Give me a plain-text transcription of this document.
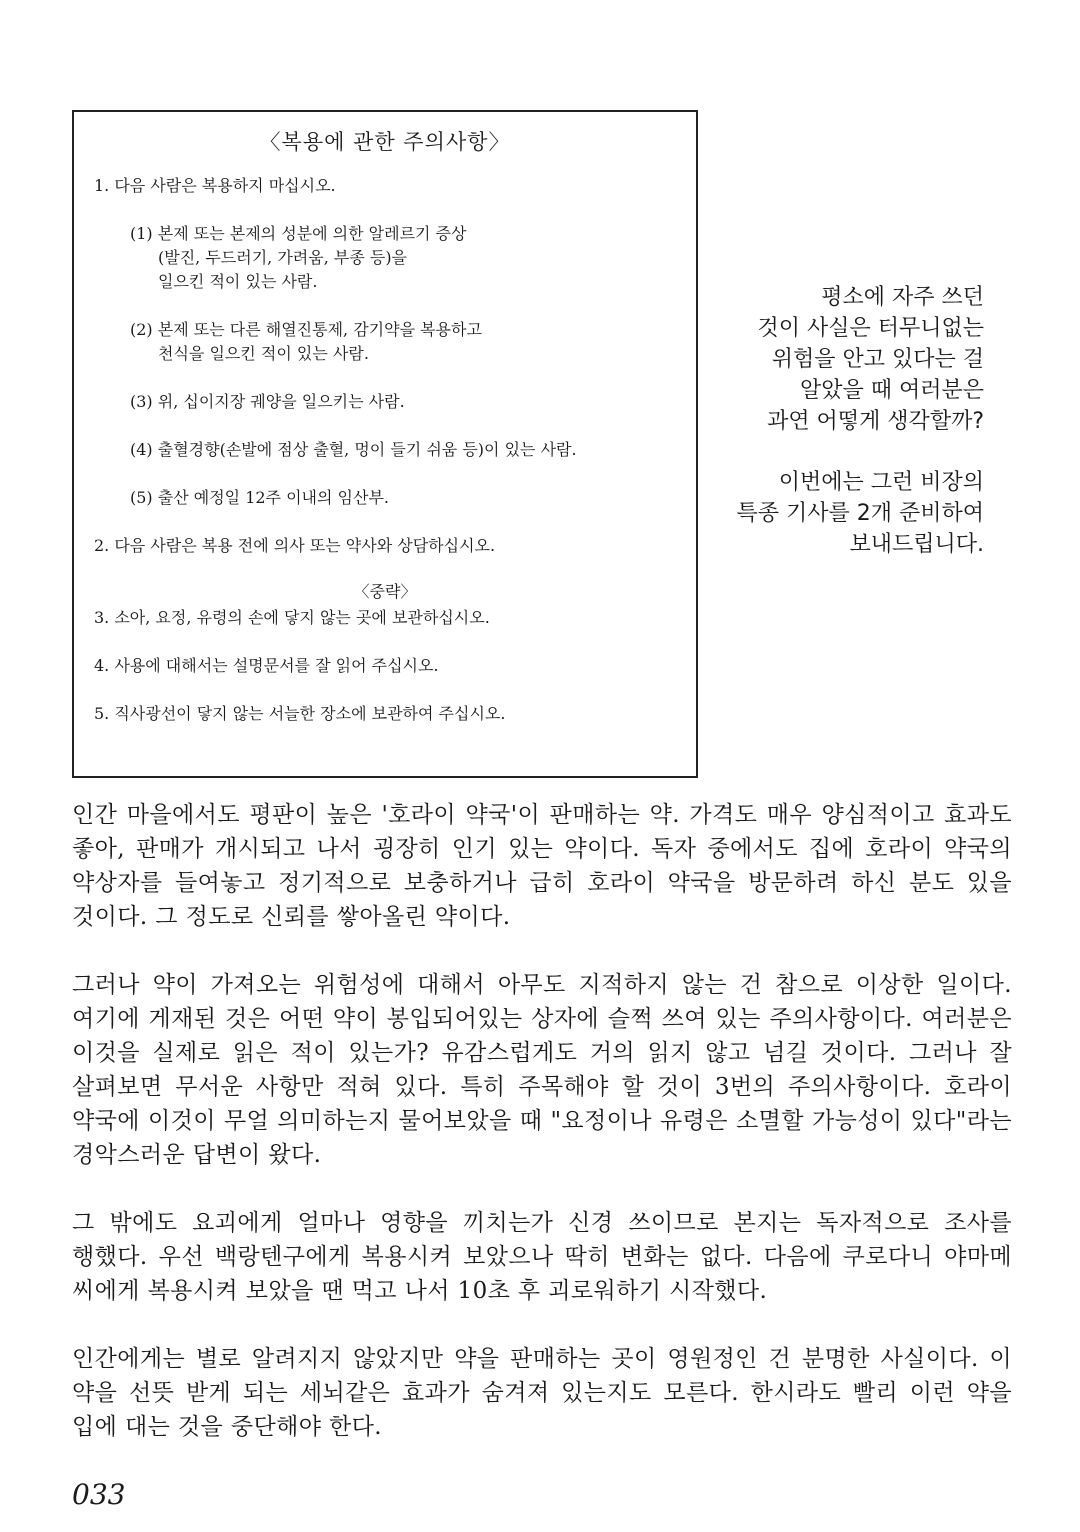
〈복용에 관한 주의사항〉
1. 다음 사람은 복용하지 마십시오.
(1) 본제 또는 본제의 성분에 의한 알레르기 증상
(발진, 두드러기, 가려움, 부종 등)을
일으킨 적이 있는 사람.
(2) 본제 또는 다른 해열진통제, 감기약을 복용하고
천식을 일으킨 적이 있는 사람.
(3) 위, 십이지장 궤양을 일으키는 사람.
(4) 출혈경향(손발에 점상 출혈, 멍이 들기 쉬움 등)이 있는 사람.
(5) 출산 예정일 12주 이내의 임산부.
2. 다음 사람은 복용 전에 의사 또는 약사와 상담하십시오.
〈중략〉
3. 소아, 요정, 유령의 손에 닿지 않는 곳에 보관하십시오.
4. 사용에 대해서는 설명문서를 잘 읽어 주십시오.
5. 직사광선이 닿지 않는 서늘한 장소에 보관하여 주십시오.

평소에 자주 쓰던

것이 사실은 터무니없는

위험을 안고 있다는 걸

알았을 때 여러분은

과연 어떻게 생각할까?

이번에는 그런 비장의

특종 기사를 2개 준비하여

보내드립니다.

인간 마을에서도 평판이 높은 '호라이 약국'이 판매하는 약. 가격도 매우 양심적이고 효과도 좋아, 판매가 개시되고 나서 굉장히 인기 있는 약이다. 독자 중에서도 집에 호라이 약국의 약상자를 들여놓고 정기적으로 보충하거나 급히 호라이 약국을 방문하려 하신 분도 있을 것이다. 그 정도로 신뢰를 쌓아올린 약이다.

그러나 약이 가져오는 위험성에 대해서 아무도 지적하지 않는 건 참으로 이상한 일이다. 여기에 게재된 것은 어떤 약이 봉입되어있는 상자에 슬쩍 쓰여 있는 주의사항이다. 여러분은 이것을 실제로 읽은 적이 있는가? 유감스럽게도 거의 읽지 않고 넘길 것이다. 그러나 잘 살펴보면 무서운 사항만 적혀 있다. 특히 주목해야 할 것이 3번의 주의사항이다. 호라이 약국에 이것이 무얼 의미하는지 물어보았을 때 "요정이나 유령은 소멸할 가능성이 있다"라는 경악스러운 답변이 왔다.

그 밖에도 요괴에게 얼마나 영향을 끼치는가 신경 쓰이므로 본지는 독자적으로 조사를 행했다. 우선 백랑텐구에게 복용시켜 보았으나 딱히 변화는 없다. 다음에 쿠로다니 야마메 씨에게 복용시켜 보았을 땐 먹고 나서 10초 후 괴로워하기 시작했다.

인간에게는 별로 알려지지 않았지만 약을 판매하는 곳이 영원정인 건 분명한 사실이다. 이 약을 선뜻 받게 되는 세뇌같은 효과가 숨겨져 있는지도 모른다. 한시라도 빨리 이런 약을 입에 대는 것을 중단해야 한다.

033
